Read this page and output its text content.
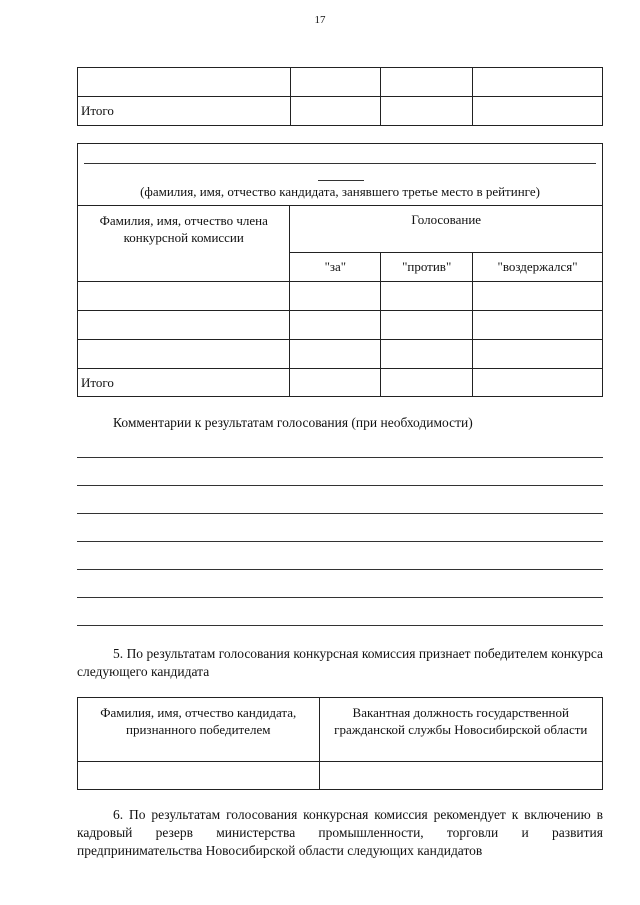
17

Итого			
(фамилия, имя, отчество кандидата, занявшего третье место в рейтинге)			
Фамилия, имя, отчество члена конкурсной комиссии	Голосование		
	"за"	"против"	"воздержался"

Итого			
Комментарии к результатам голосования (при необходимости)
5. По результатам голосования конкурсная комиссия признает победителем конкурса следующего кандидата
Фамилия, имя, отчество кандидата, признанного победителем	Вакантная должность государственной гражданской службы Новосибирской области

6. По результатам голосования конкурсная комиссия рекомендует к включению в кадровый резерв министерства промышленности, торговли и развития предпринимательства Новосибирской области следующих кандидатов
